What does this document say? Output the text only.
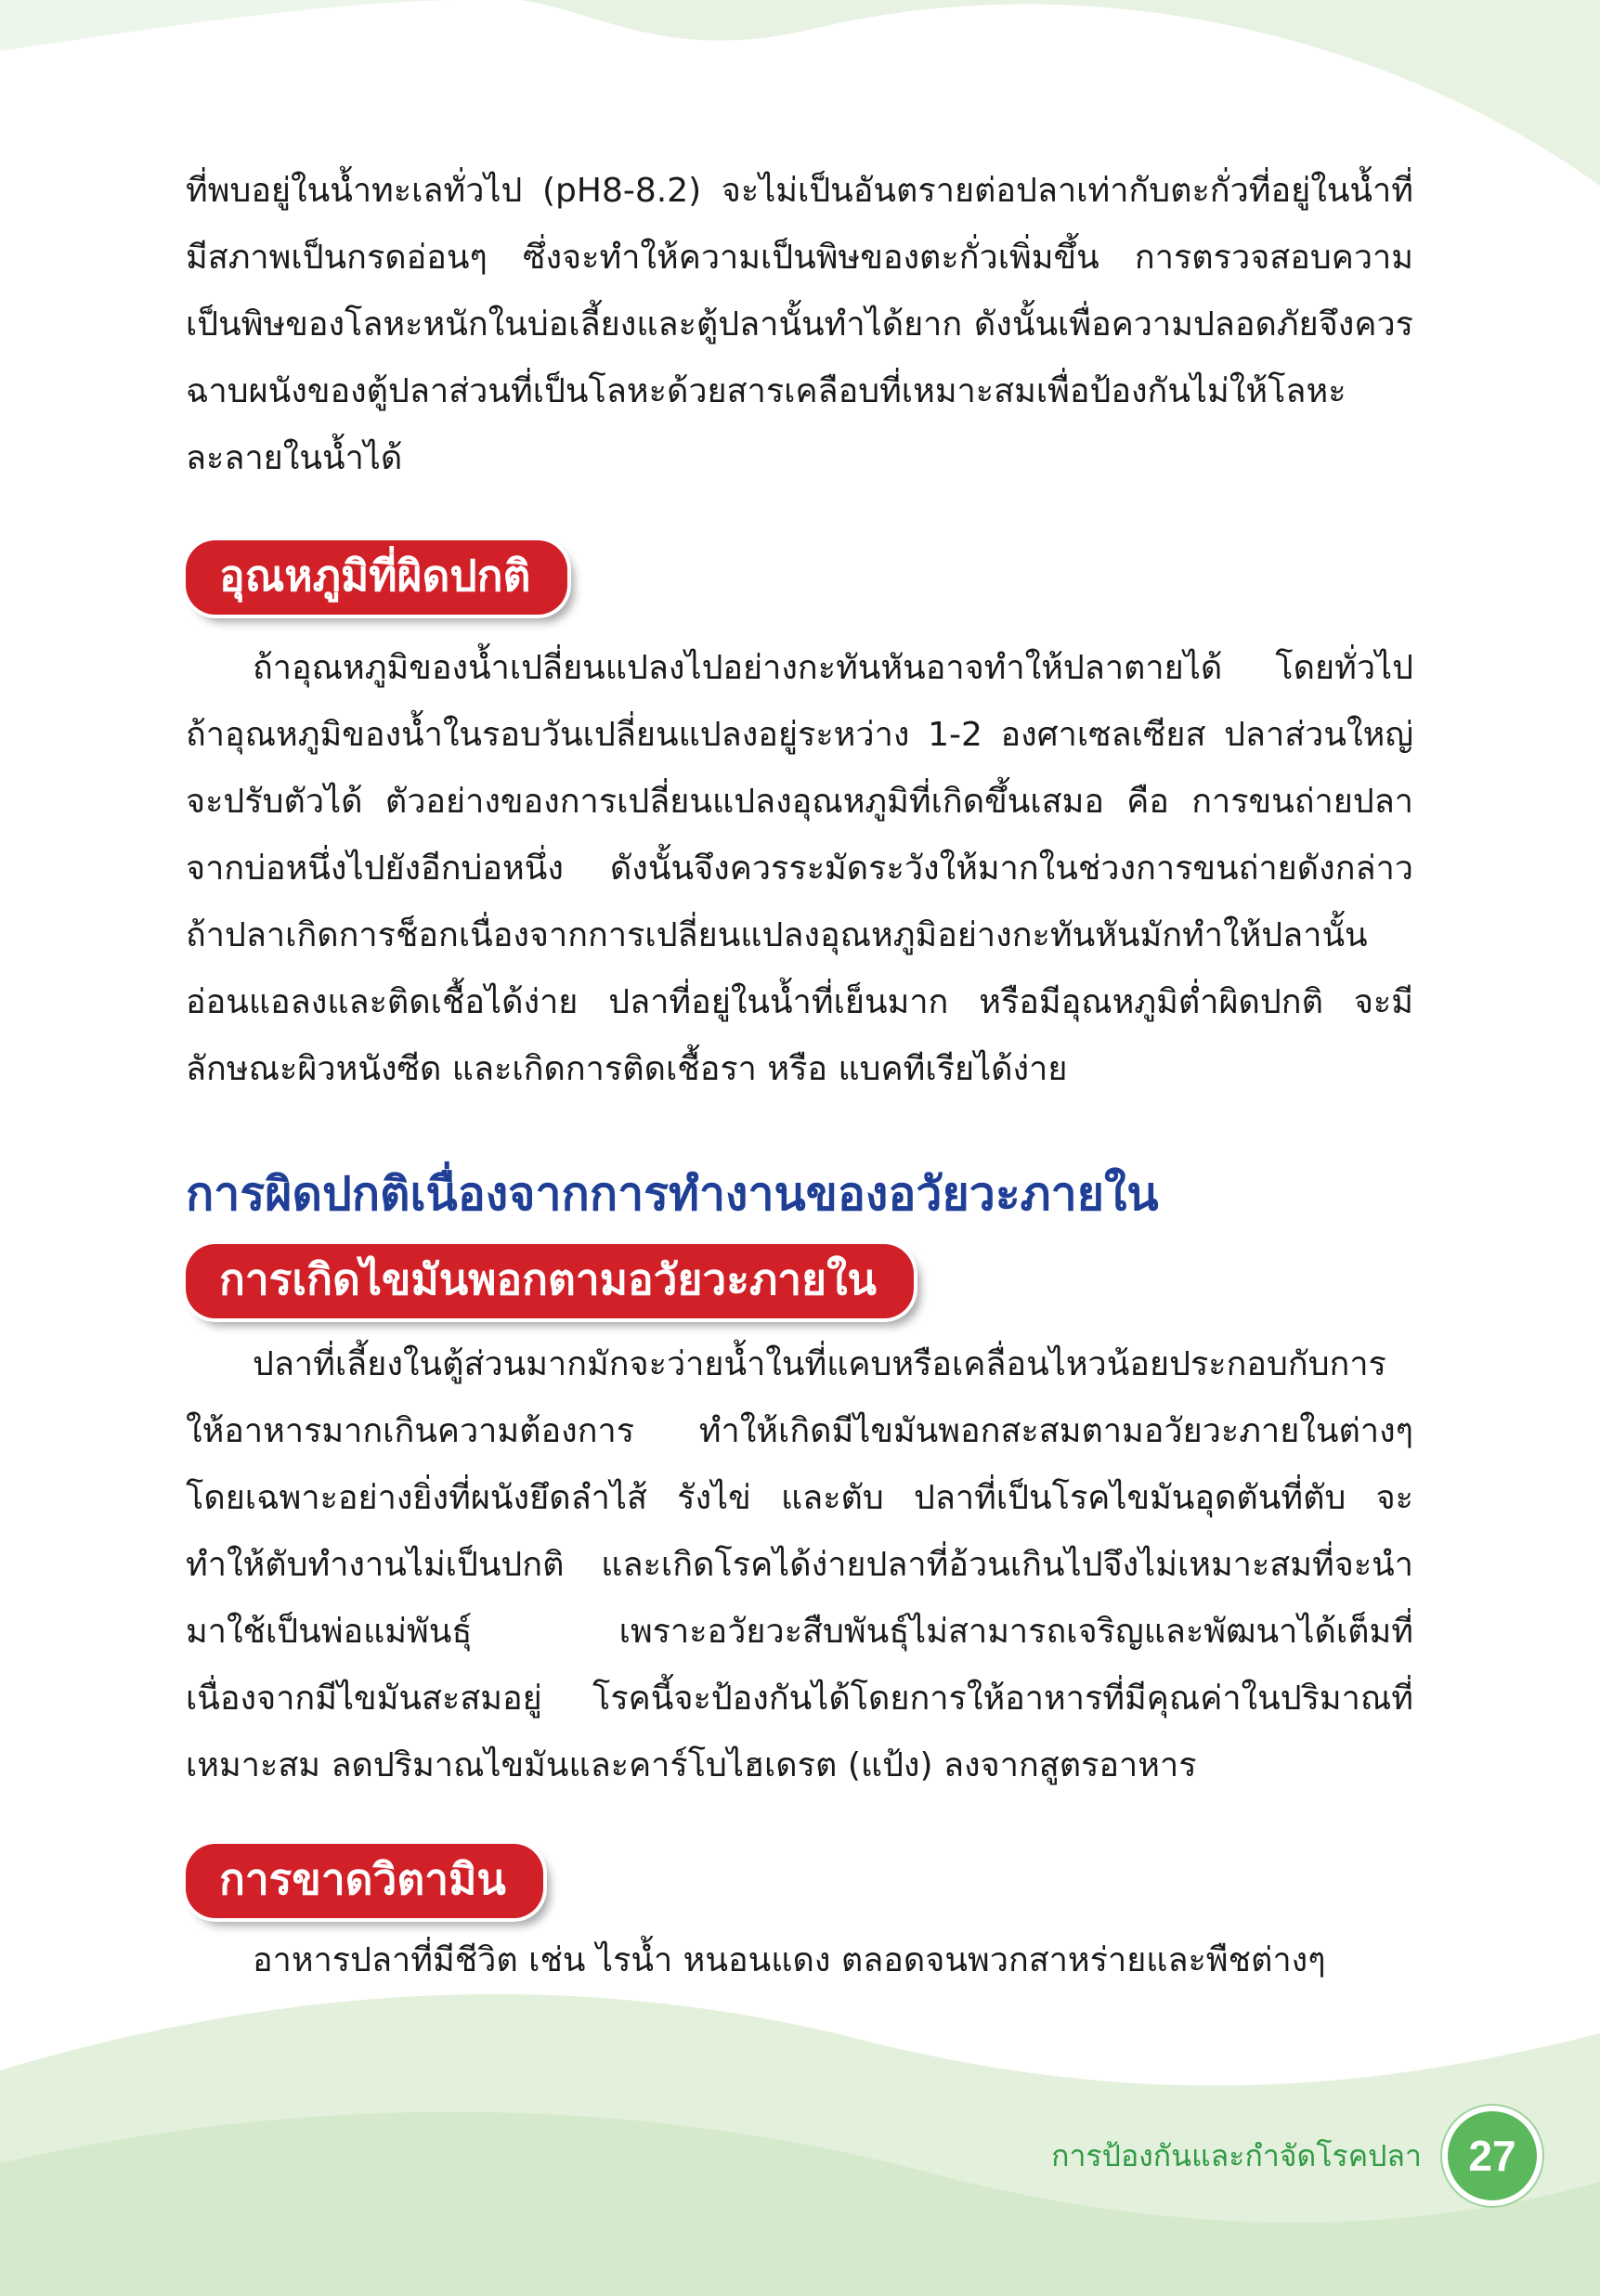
ที่พบอยู่ในน้ำทะเลทั่วไป (pH8-8.2) จะไม่เป็นอันตรายต่อปลาเท่ากับตะกั่วที่อยู่ในน้ำที่มีสภาพเป็นกรดอ่อนๆ ซึ่งจะทำให้ความเป็นพิษของตะกั่วเพิ่มขึ้น การตรวจสอบความเป็นพิษของโลหะหนักในบ่อเลี้ยงและตู้ปลานั้นทำได้ยาก ดังนั้นเพื่อความปลอดภัยจึงควรฉาบผนังของตู้ปลาส่วนที่เป็นโลหะด้วยสารเคลือบที่เหมาะสมเพื่อป้องกันไม่ให้โลหะละลายในน้ำได้

อุณหภูมิที่ผิดปกติ

ถ้าอุณหภูมิของน้ำเปลี่ยนแปลงไปอย่างกะทันหันอาจทำให้ปลาตายได้ โดยทั่วไป ถ้าอุณหภูมิของน้ำในรอบวันเปลี่ยนแปลงอยู่ระหว่าง 1-2 องศาเซลเซียส ปลาส่วนใหญ่จะปรับตัวได้ ตัวอย่างของการเปลี่ยนแปลงอุณหภูมิที่เกิดขึ้นเสมอ คือ การขนถ่ายปลาจากบ่อหนึ่งไปยังอีกบ่อหนึ่ง ดังนั้นจึงควรระมัดระวังให้มากในช่วงการขนถ่ายดังกล่าว ถ้าปลาเกิดการช็อกเนื่องจากการเปลี่ยนแปลงอุณหภูมิอย่างกะทันหันมักทำให้ปลานั้นอ่อนแอลงและติดเชื้อได้ง่าย ปลาที่อยู่ในน้ำที่เย็นมาก หรือมีอุณหภูมิต่ำผิดปกติ จะมีลักษณะผิวหนังซีด และเกิดการติดเชื้อรา หรือ แบคทีเรียได้ง่าย

การผิดปกติเนื่องจากการทำงานของอวัยวะภายใน
การเกิดไขมันพอกตามอวัยวะภายใน

ปลาที่เลี้ยงในตู้ส่วนมากมักจะว่ายน้ำในที่แคบหรือเคลื่อนไหวน้อยประกอบกับการให้อาหารมากเกินความต้องการ ทำให้เกิดมีไขมันพอกสะสมตามอวัยวะภายในต่างๆ โดยเฉพาะอย่างยิ่งที่ผนังยึดลำไส้ รังไข่ และตับ ปลาที่เป็นโรคไขมันอุดตันที่ตับ จะทำให้ตับทำงานไม่เป็นปกติ และเกิดโรคได้ง่ายปลาที่อ้วนเกินไปจึงไม่เหมาะสมที่จะนำมาใช้เป็นพ่อแม่พันธุ์ เพราะอวัยวะสืบพันธุ์ไม่สามารถเจริญและพัฒนาได้เต็มที่ เนื่องจากมีไขมันสะสมอยู่ โรคนี้จะป้องกันได้โดยการให้อาหารที่มีคุณค่าในปริมาณที่เหมาะสม ลดปริมาณไขมันและคาร์โบไฮเดรต (แป้ง) ลงจากสูตรอาหาร

การขาดวิตามิน

อาหารปลาที่มีชีวิต เช่น ไรน้ำ หนอนแดง ตลอดจนพวกสาหร่ายและพืชต่างๆ

การป้องกันและกำจัดโรคปลา	27
